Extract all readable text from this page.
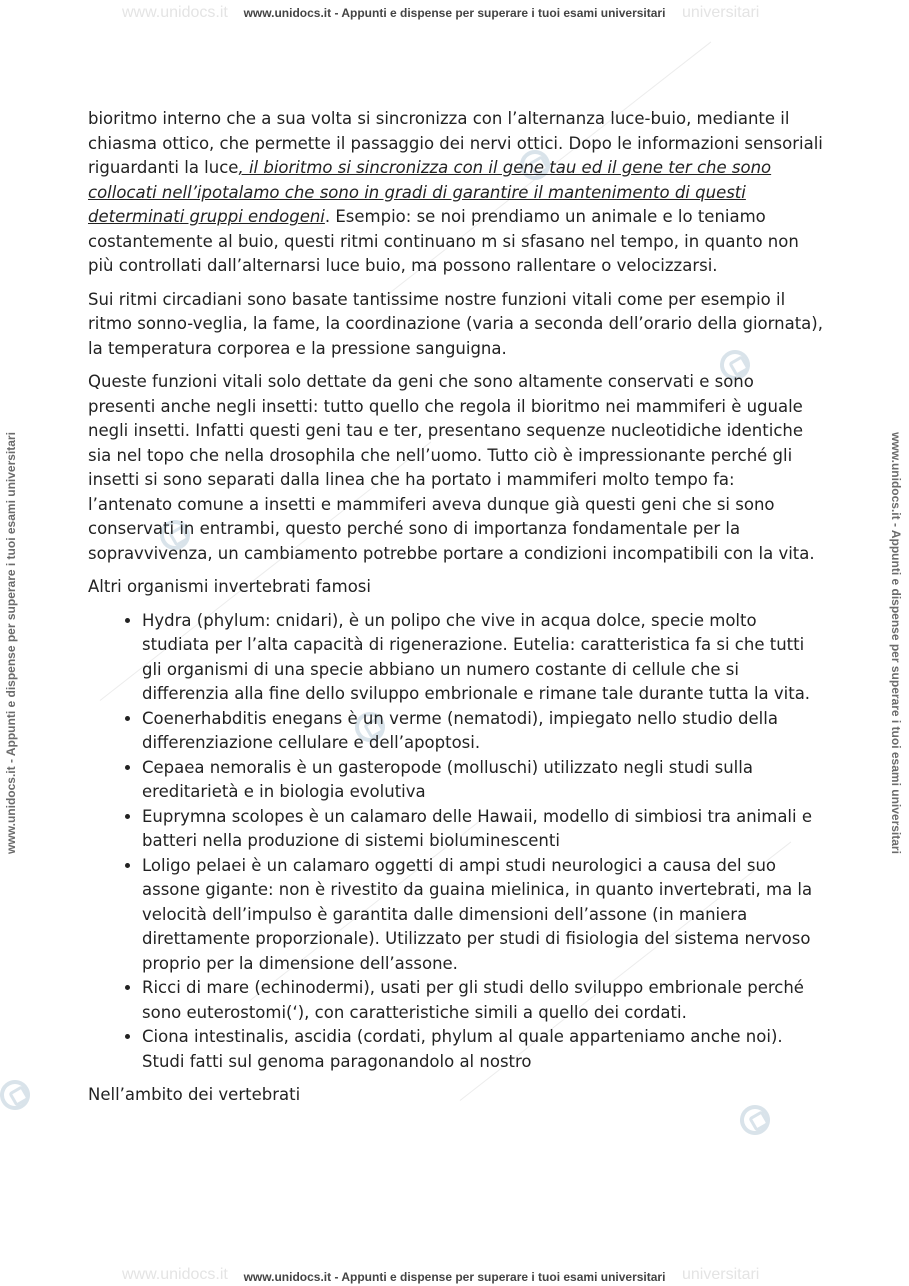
www.unidocs.it	universitari
www.unidocs.it	universitari
www.unidocs.it - Appunti e dispense per superare i tuoi esami universitari
www.unidocs.it - Appunti e dispense per superare i tuoi esami universitari
www.unidocs.it - Appunti e dispense per superare i tuoi esami universitari	www.unidocs.it - Appunti e dispense per superare i tuoi esami universitari

bioritmo interno che a sua volta si sincronizza con l’alternanza luce-buio, mediante il chiasma ottico, che permette il passaggio dei nervi ottici. Dopo le informazioni sensoriali riguardanti la luce, il bioritmo si sincronizza con il gene tau ed il gene ter che sono collocati nell’ipotalamo che sono in gradi di garantire il mantenimento di questi determinati gruppi endogeni. Esempio: se noi prendiamo un animale e lo teniamo costantemente al buio, questi ritmi continuano m si sfasano nel tempo, in quanto non più controllati dall’alternarsi luce buio, ma possono rallentare o velocizzarsi.

Sui ritmi circadiani sono basate tantissime nostre funzioni vitali come per esempio il ritmo sonno-veglia, la fame, la coordinazione (varia a seconda dell’orario della giornata), la temperatura corporea e la pressione sanguigna.

Queste funzioni vitali solo dettate da geni che sono altamente conservati e sono presenti anche negli insetti: tutto quello che regola il bioritmo nei mammiferi è uguale negli insetti. Infatti questi geni tau e ter, presentano sequenze nucleotidiche identiche sia nel topo che nella drosophila che nell’uomo. Tutto ciò è impressionante perché gli insetti si sono separati dalla linea che ha portato i mammiferi molto tempo fa: l’antenato comune a insetti e mammiferi aveva dunque già questi geni che si sono conservati in entrambi, questo perché sono di importanza fondamentale per la sopravvivenza, un cambiamento potrebbe portare a condizioni incompatibili con la vita.

Altri organismi invertebrati famosi

• Hydra (phylum: cnidari), è un polipo che vive in acqua dolce, specie molto studiata per l’alta capacità di rigenerazione. Eutelia: caratteristica fa si che tutti gli organismi di una specie abbiano un numero costante di cellule che si differenzia alla fine dello sviluppo embrionale e rimane tale durante tutta la vita.
• Coenerhabditis enegans è un verme (nematodi), impiegato nello studio della differenziazione cellulare e dell’apoptosi.
• Cepaea nemoralis è un gasteropode (molluschi) utilizzato negli studi sulla ereditarietà e in biologia evolutiva
• Euprymna scolopes è un calamaro delle Hawaii, modello di simbiosi tra animali e batteri nella produzione di sistemi bioluminescenti
• Loligo pelaei è un calamaro oggetti di ampi studi neurologici a causa del suo assone gigante: non è rivestito da guaina mielinica, in quanto invertebrati, ma la velocità dell’impulso è garantita dalle dimensioni dell’assone (in maniera direttamente proporzionale). Utilizzato per studi di fisiologia del sistema nervoso proprio per la dimensione dell’assone.
• Ricci di mare (echinodermi), usati per gli studi dello sviluppo embrionale perché sono euterostomi(‘), con caratteristiche simili a quello dei cordati.
• Ciona intestinalis, ascidia (cordati, phylum al quale apparteniamo anche noi). Studi fatti sul genoma paragonandolo al nostro

Nell’ambito dei vertebrati
